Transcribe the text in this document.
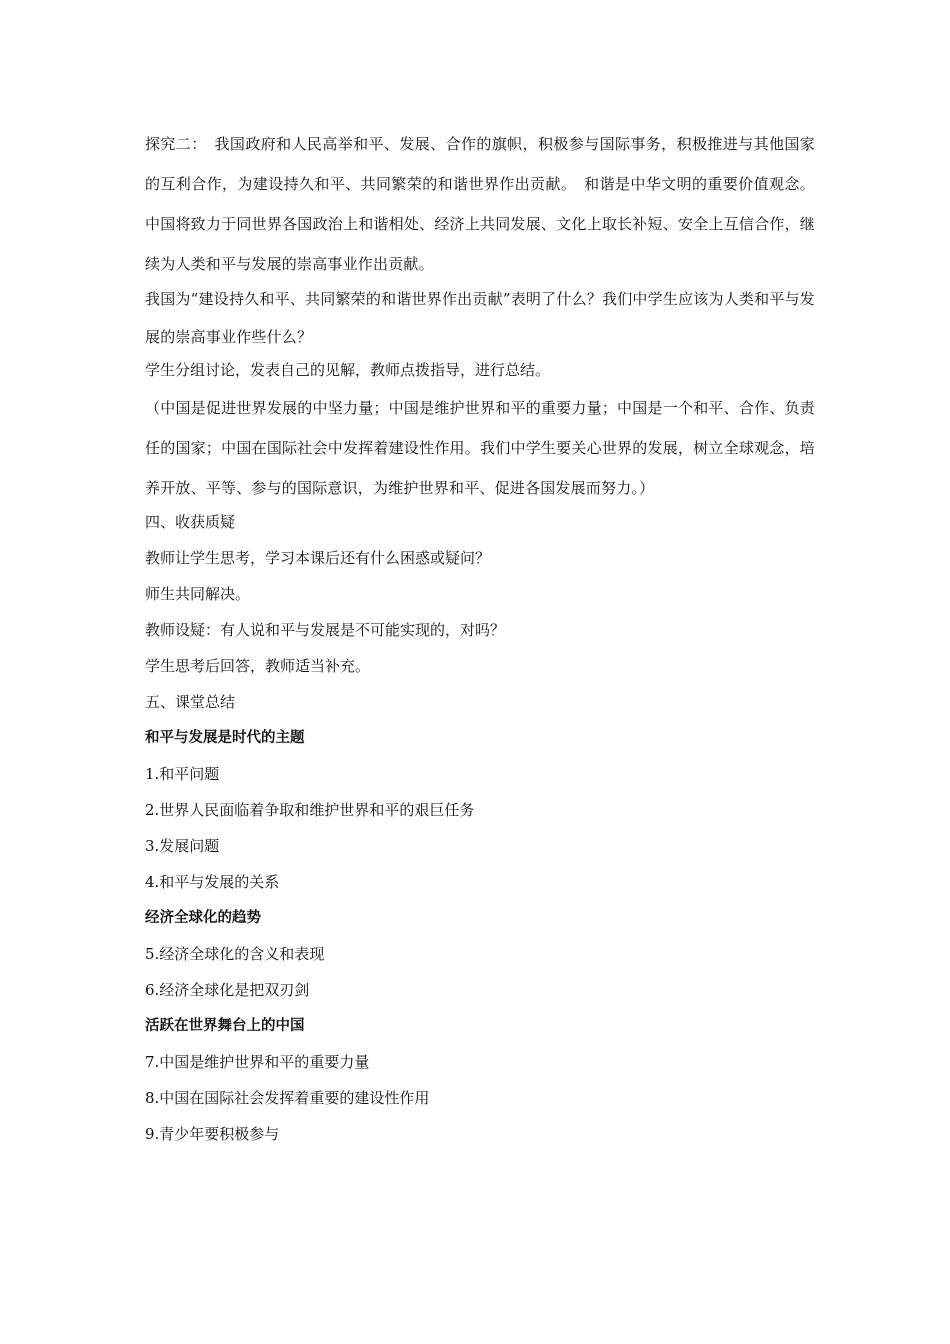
探究二：　我国政府和人民高举和平、发展、合作的旗帜，积极参与国际事务，积极推进与其他国家的互利合作，为建设持久和平、共同繁荣的和谐世界作出贡献。　和谐是中华文明的重要价值观念。中国将致力于同世界各国政治上和谐相处、经济上共同发展、文化上取长补短、安全上互信合作，继续为人类和平与发展的崇高事业作出贡献。

我国为“建设持久和平、共同繁荣的和谐世界作出贡献”表明了什么？我们中学生应该为人类和平与发展的崇高事业作些什么？

学生分组讨论，发表自己的见解，教师点拨指导，进行总结。

（中国是促进世界发展的中坚力量；中国是维护世界和平的重要力量；中国是一个和平、合作、负责任的国家；中国在国际社会中发挥着建设性作用。我们中学生要关心世界的发展，树立全球观念，培养开放、平等、参与的国际意识，为维护世界和平、促进各国发展而努力。）

四、收获质疑

教师让学生思考，学习本课后还有什么困惑或疑问？

师生共同解决。

教师设疑：有人说和平与发展是不可能实现的，对吗？

学生思考后回答，教师适当补充。

五、课堂总结

和平与发展是时代的主题

1.和平问题

2.世界人民面临着争取和维护世界和平的艰巨任务

3.发展问题

4.和平与发展的关系

经济全球化的趋势

5.经济全球化的含义和表现

6.经济全球化是把双刃剑

活跃在世界舞台上的中国

7.中国是维护世界和平的重要力量

8.中国在国际社会发挥着重要的建设性作用

9.青少年要积极参与
